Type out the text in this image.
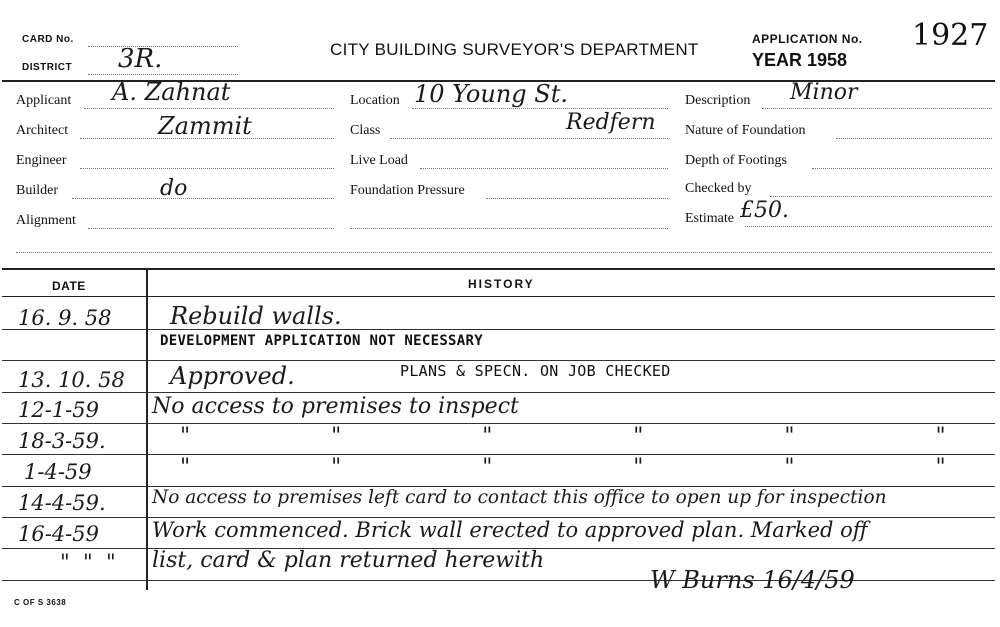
CARD No.
DISTRICT 3R.	CITY BUILDING SURVEYOR'S DEPARTMENT
APPLICATION No. 1927
YEAR 1958
Applicant A. Zahnat
Architect	Zammit
Engineer
Builder	do
Alignment
Location 10 Young St.
Class	Redfern
Live Load
Foundation Pressure
Description Minor
Nature of Foundation
Depth of Footings
Checked by
Estimate £50.
DATE	HISTORY
16. 9. 58 Rebuild walls.
DEVELOPMENT APPLICATION NOT NECESSARY
13. 10. 58 Approved.	PLANS & SPECN. ON JOB CHECKED
12-1-59 No access to premises to inspect
18-3-59.	"   "   "   "   "   "
1-4-59	"   "   "   "   "   "
14-4-59.	No access to premises left card to contact this office to open up for inspection
16-4-59	Work commenced. Brick wall erected to approved plan. Marked off
"  "  " list, card & plan returned herewith
W Burns 16/4/59
C OF S 3638
